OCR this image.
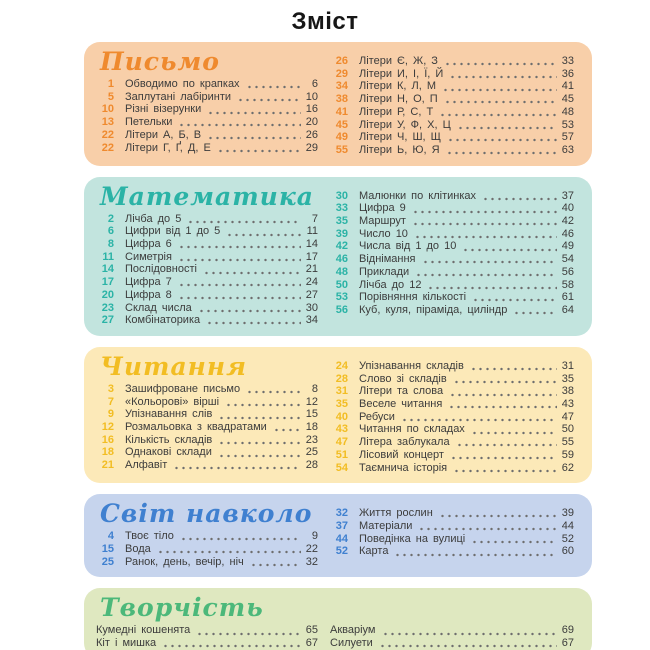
Зміст
Письмо
1 Обводимо по крапках	6
5 Заплутані лабіринти	10
10 Різні візерунки	16
13 Петельки	20
22 Літери А, Б, В	26
22 Літери Г, Ґ, Д, Е	29
26 Літери Є, Ж, З	33
29 Літери И, І, Ї, Й	36
34 Літери К, Л, М	41
38 Літери Н, О, П	45
41 Літери Р, С, Т	48
45 Літери У, Ф, Х, Ц	53
49 Літери Ч, Ш, Щ	57
55 Літери Ь, Ю, Я	63
Математика
2 Лічба до 5	7
6 Цифри від 1 до 5	11
8 Цифра 6	14
11 Симетрія	17
14 Послідовності	21
17 Цифра 7	24
20 Цифра 8	27
23 Склад числа	30
27 Комбінаторика	34
30 Малюнки по клітинках	37
33 Цифра 9	40
35 Маршрут	42
39 Число 10	46
42 Числа від 1 до 10	49
46 Віднімання	54
48 Приклади	56
50 Лічба до 12	58
53 Порівняння кількості	61
56 Куб, куля, піраміда, циліндр	64
Читання
3 Зашифроване письмо	8
7 «Кольорові» вірші	12
9 Упізнавання слів	15
12 Розмальовка з квадратами	18
16 Кількість складів	23
18 Однакові склади	25
21 Алфавіт	28
24 Упізнавання складів	31
28 Слово зі складів	35
31 Літери та слова	38
35 Веселе читання	43
40 Ребуси	47
43 Читання по складах	50
47 Літера заблукала	55
51 Лісовий концерт	59
54 Таємнича історія	62
Світ навколо
4 Твоє тіло	9
15 Вода	22
25 Ранок, день, вечір, ніч	32
32 Життя рослин	39
37 Матеріали	44
44 Поведінка на вулиці	52
52 Карта	60
Творчість
Кумедні кошенята	65
Кіт і мишка	67
Акваріум	69
Силуети	67
